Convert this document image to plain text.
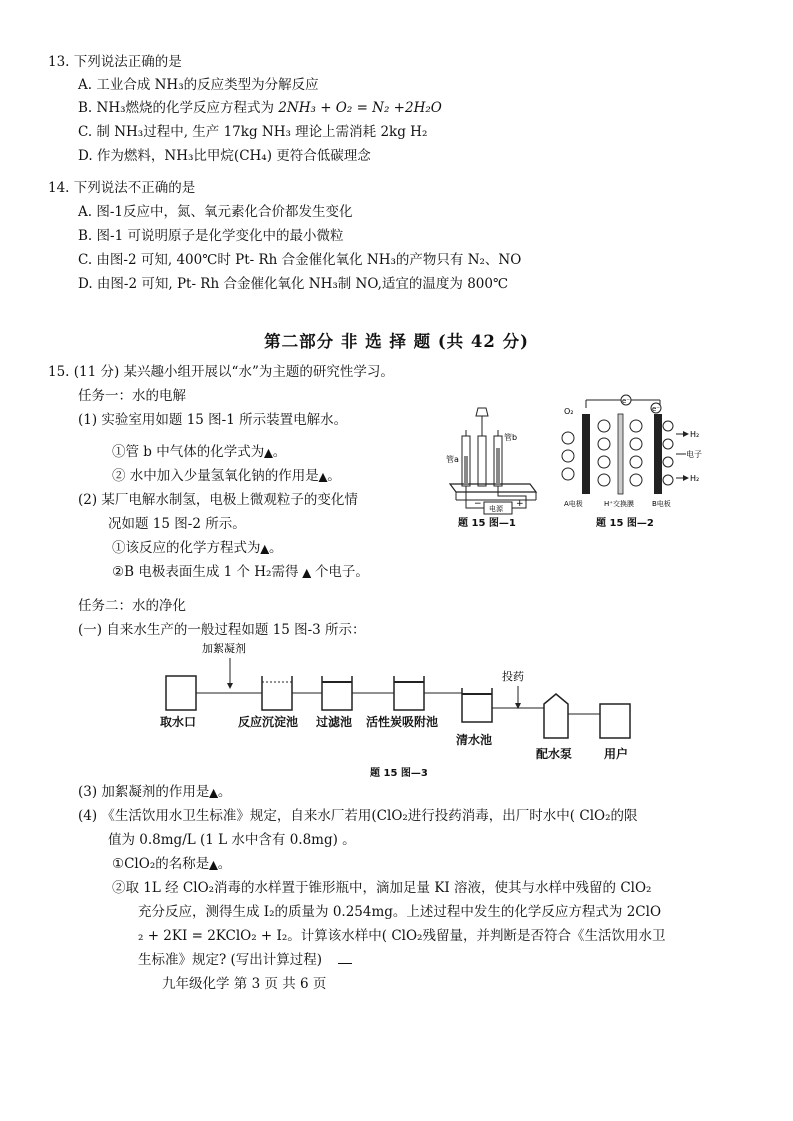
13. 下列说法正确的是
A. 工业合成 NH₃的反应类型为分解反应
B. NH₃燃烧的化学反应方程式为 2NH₃ + O₂ = N₂ +2H₂O
C. 制 NH₃过程中, 生产 17kg NH₃ 理论上需消耗 2kg H₂
D. 作为燃料，NH₃比甲烷(CH₄) 更符合低碳理念
14. 下列说法不正确的是
A. 图-1反应中，氮、氧元素化合价都发生变化
B. 图-1 可说明原子是化学变化中的最小微粒
C. 由图-2 可知, 400℃时 Pt- Rh 合金催化氧化 NH₃的产物只有 N₂、NO
D. 由图-2 可知, Pt- Rh 合金催化氧化 NH₃制 NO,适宜的温度为 800℃
第二部分 非 选 择 题 (共 42 分)
15. (11 分) 某兴趣小组开展以“水”为主题的研究性学习。
任务一：水的电解
(1) 实验室用如题 15 图-1 所示装置电解水。
①管 b 中气体的化学式为▲。
② 水中加入少量氢氧化钠的作用是▲。
(2) 某厂电解水制氢，电极上微观粒子的变化情
况如题 15 图-2 所示。
①该反应的化学方程式为▲。
②B 电极表面生成 1 个 H₂需得 ▲ 个电子。
管a
管b
电源
−	+
题 15 图—1
e⁻
e⁻
O₂
H₂
电子
H₂
A电极	H⁺交换膜	B电板
题 15 图—2
任务二：水的净化
(一) 自来水生产的一般过程如题 15 图-3 所示：
加絮凝剂
投药
取水口	反应沉淀池 过滤池 活性炭吸附池
清水池
配水泵	用户
题 15 图—3
(3) 加絮凝剂的作用是▲。
(4) 《生活饮用水卫生标准》规定，自来水厂若用(ClO₂进行投药消毒，出厂时水中( ClO₂的限
值为 0.8mg/L (1 L 水中含有 0.8mg) 。
①ClO₂的名称是▲。
②取 1L 经 ClO₂消毒的水样置于锥形瓶中，滴加足量 KI 溶液，使其与水样中残留的 ClO₂
充分反应，测得生成 I₂的质量为 0.254mg。上述过程中发生的化学反应方程式为 2ClO
₂ + 2KI = 2KClO₂ + I₂。计算该水样中( ClO₂残留量，并判断是否符合《生活饮用水卫
生标准》规定? (写出计算过程)
九年级化学 第 3 页 共 6 页
